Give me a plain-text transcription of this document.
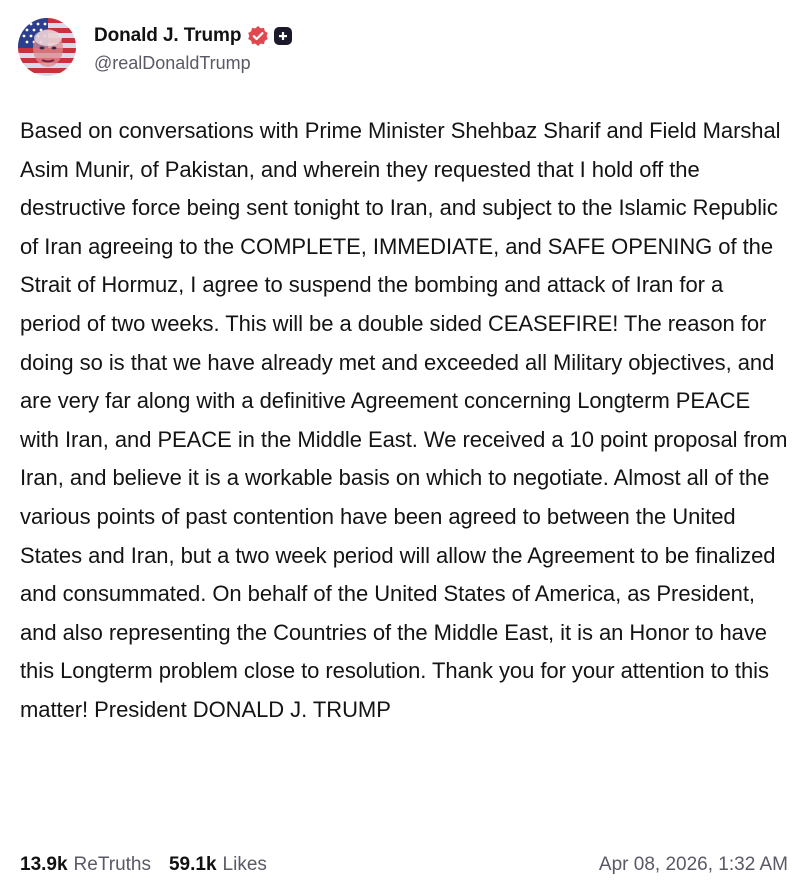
Donald J. Trump
@realDonaldTrump
Based on conversations with Prime Minister Shehbaz Sharif and Field Marshal Asim Munir, of Pakistan, and wherein they requested that I hold off the destructive force being sent tonight to Iran, and subject to the Islamic Republic of Iran agreeing to the COMPLETE, IMMEDIATE, and SAFE OPENING of the Strait of Hormuz, I agree to suspend the bombing and attack of Iran for a period of two weeks. This will be a double sided CEASEFIRE! The reason for doing so is that we have already met and exceeded all Military objectives, and are very far along with a definitive Agreement concerning Longterm PEACE with Iran, and PEACE in the Middle East. We received a 10 point proposal from Iran, and believe it is a workable basis on which to negotiate. Almost all of the various points of past contention have been agreed to between the United States and Iran, but a two week period will allow the Agreement to be finalized and consummated. On behalf of the United States of America, as President, and also representing the Countries of the Middle East, it is an Honor to have this Longterm problem close to resolution. Thank you for your attention to this matter! President DONALD J. TRUMP
13.9k ReTruths 59.1k Likes	Apr 08, 2026, 1:32 AM
